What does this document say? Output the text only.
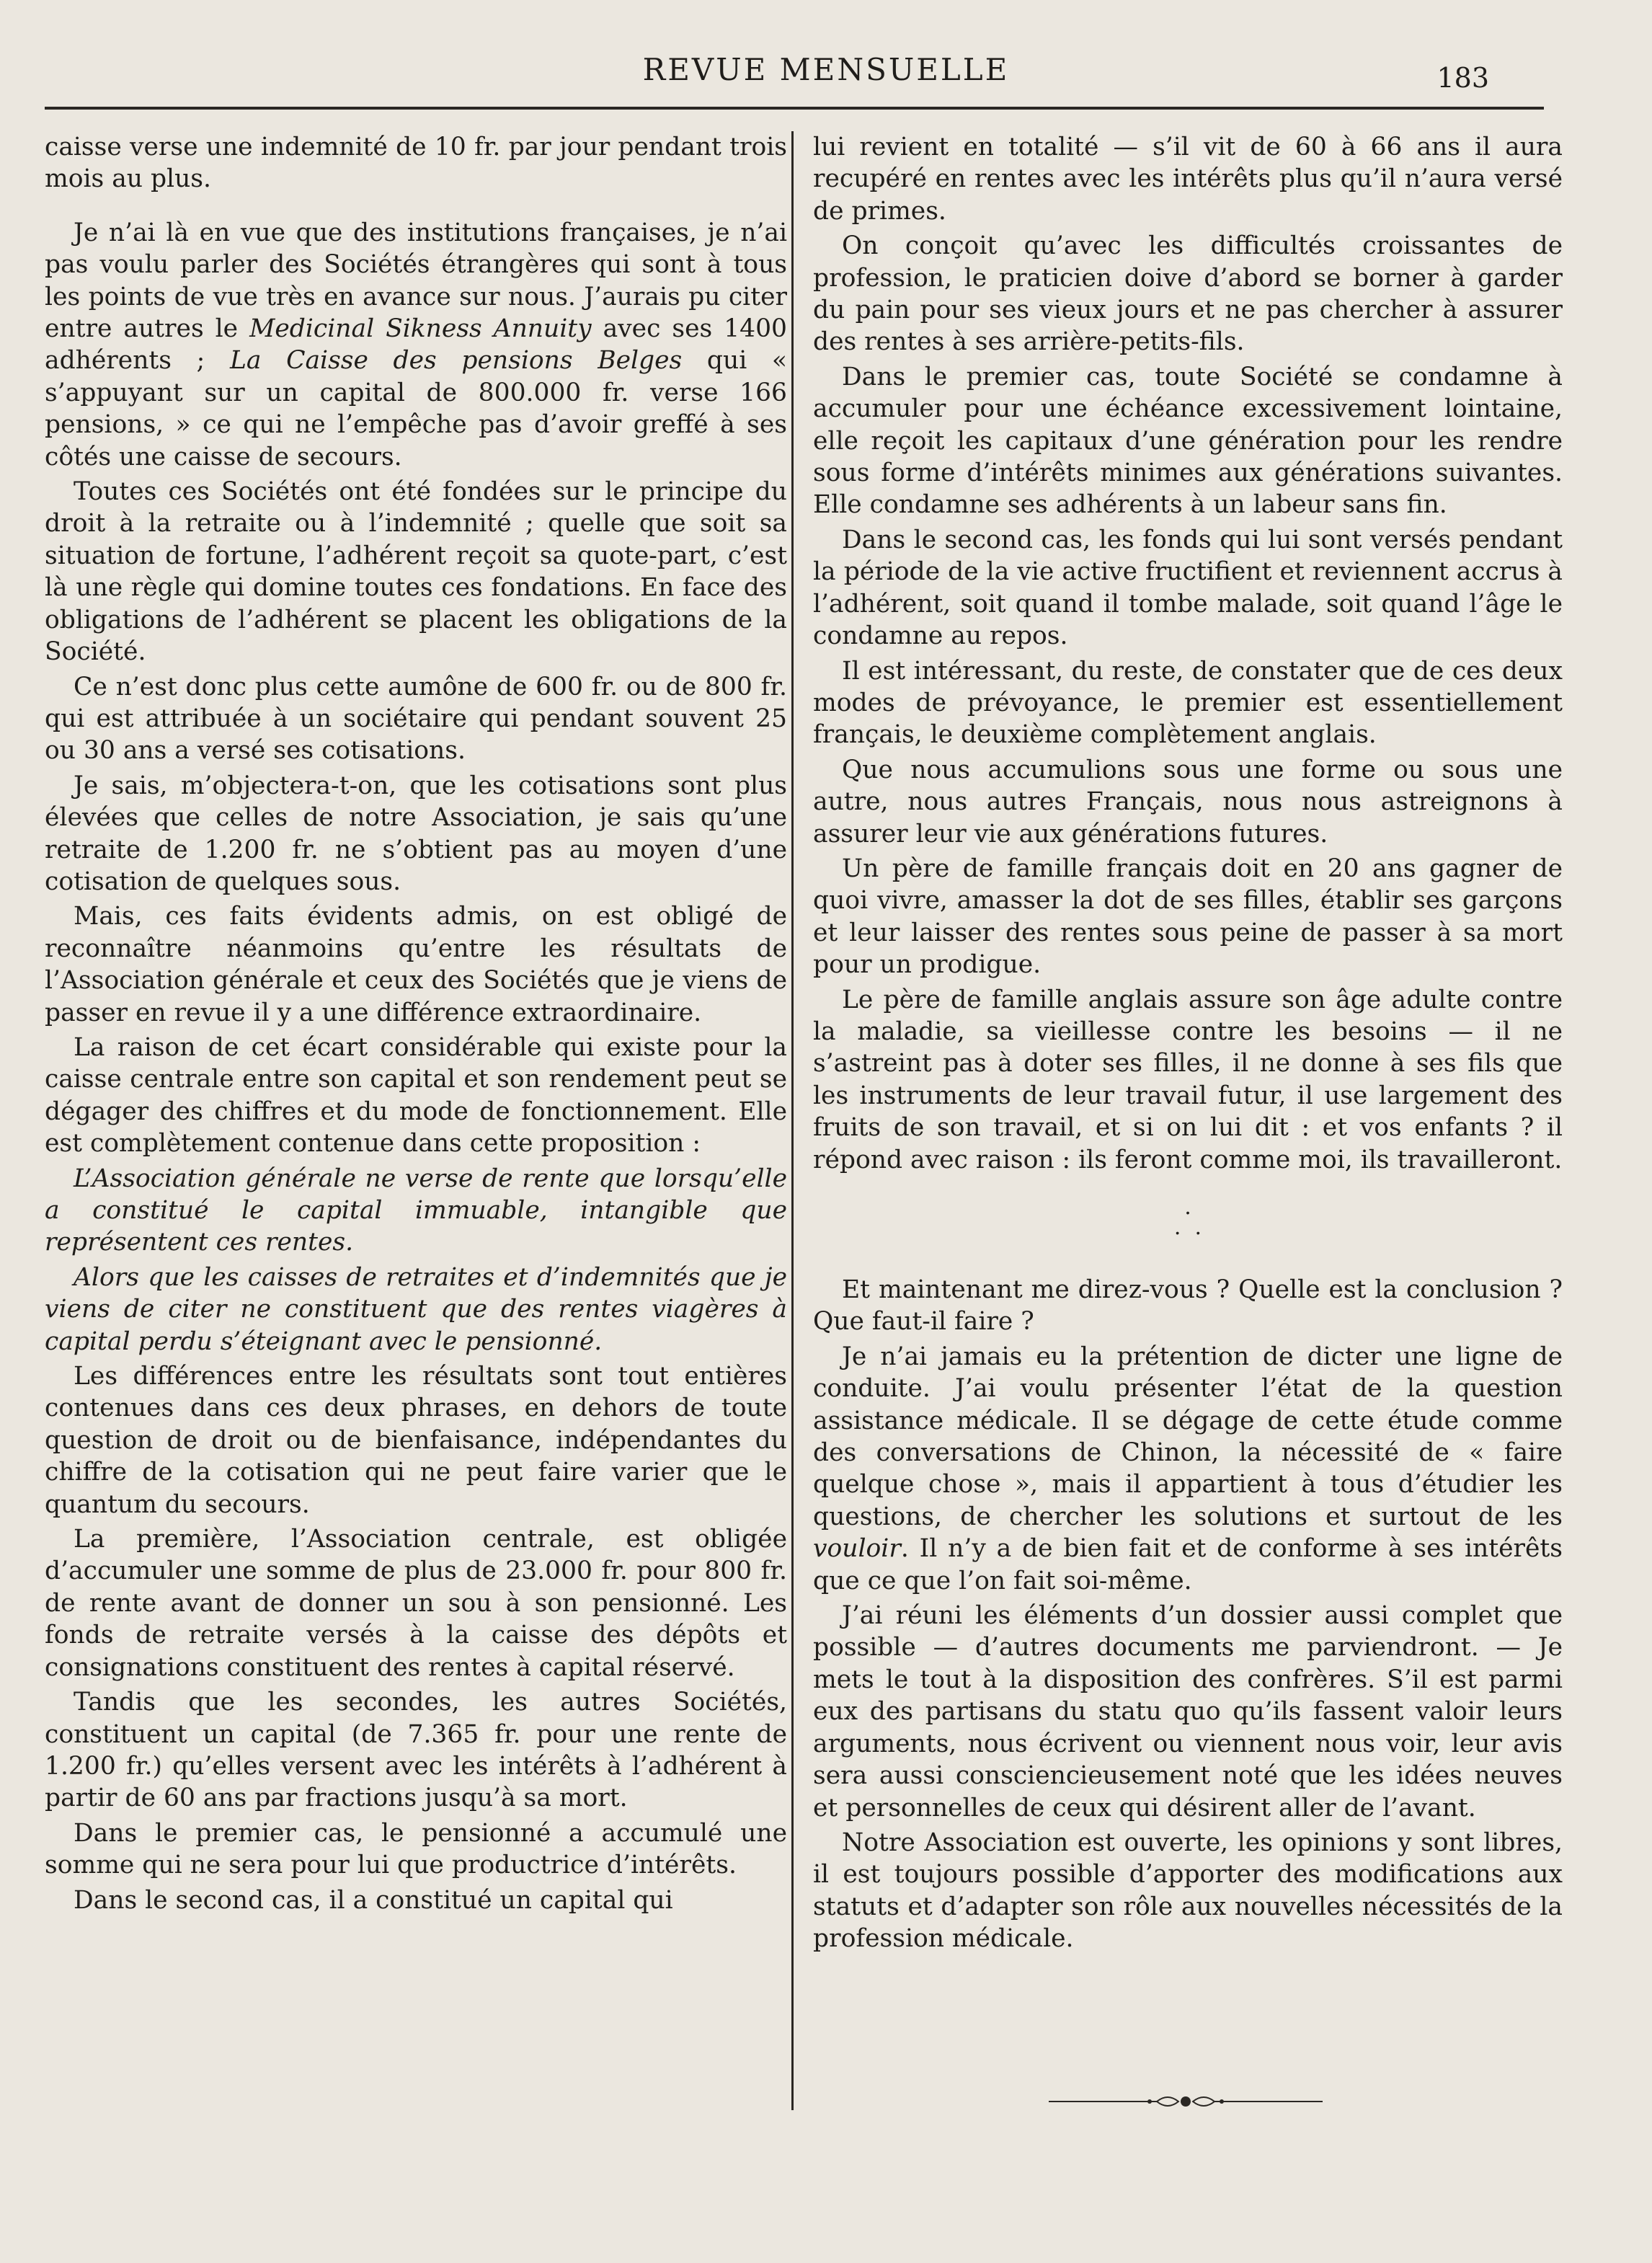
REVUE MENSUELLE	183

caisse verse une indemnité de 10 fr. par jour pendant trois mois au plus.

Je n’ai là en vue que des institutions françaises, je n’ai pas voulu parler des Sociétés étrangères qui sont à tous les points de vue très en avance sur nous. J’aurais pu citer entre autres le Medicinal Sikness Annuity avec ses 1400 adhérents ; La Caisse des pensions Belges qui « s’appuyant sur un capital de 800.000 fr. verse 166 pensions, » ce qui ne l’empêche pas d’avoir greffé à ses côtés une caisse de secours.

Toutes ces Sociétés ont été fondées sur le principe du droit à la retraite ou à l’indemnité ; quelle que soit sa situation de fortune, l’adhérent reçoit sa quote-part, c’est là une règle qui domine toutes ces fondations. En face des obligations de l’adhérent se placent les obligations de la Société.

Ce n’est donc plus cette aumône de 600 fr. ou de 800 fr. qui est attribuée à un sociétaire qui pendant souvent 25 ou 30 ans a versé ses cotisations.

Je sais, m’objectera-t-on, que les cotisations sont plus élevées que celles de notre Association, je sais qu’une retraite de 1.200 fr. ne s’obtient pas au moyen d’une cotisation de quelques sous.

Mais, ces faits évidents admis, on est obligé de reconnaître néanmoins qu’entre les résultats de l’Association générale et ceux des Sociétés que je viens de passer en revue il y a une différence extraordinaire.

La raison de cet écart considérable qui existe pour la caisse centrale entre son capital et son rendement peut se dégager des chiffres et du mode de fonctionnement. Elle est complètement contenue dans cette proposition :

L’Association générale ne verse de rente que lorsqu’elle a constitué le capital immuable, intangible que représentent ces rentes.

Alors que les caisses de retraites et d’indemnités que je viens de citer ne constituent que des rentes viagères à capital perdu s’éteignant avec le pensionné.

Les différences entre les résultats sont tout entières contenues dans ces deux phrases, en dehors de toute question de droit ou de bienfaisance, indépendantes du chiffre de la cotisation qui ne peut faire varier que le quantum du secours.

La première, l’Association centrale, est obligée d’accumuler une somme de plus de 23.000 fr. pour 800 fr. de rente avant de donner un sou à son pensionné. Les fonds de retraite versés à la caisse des dépôts et consignations constituent des rentes à capital réservé.

Tandis que les secondes, les autres Sociétés, constituent un capital (de 7.365 fr. pour une rente de 1.200 fr.) qu’elles versent avec les intérêts à l’adhérent à partir de 60 ans par fractions jusqu’à sa mort.

Dans le premier cas, le pensionné a accumulé une somme qui ne sera pour lui que productrice d’intérêts.

Dans le second cas, il a constitué un capital qui

lui revient en totalité — s’il vit de 60 à 66 ans il aura recupéré en rentes avec les intérêts plus qu’il n’aura versé de primes.

On conçoit qu’avec les difficultés croissantes de profession, le praticien doive d’abord se borner à garder du pain pour ses vieux jours et ne pas chercher à assurer des rentes à ses arrière-petits-fils.

Dans le premier cas, toute Société se condamne à accumuler pour une échéance excessivement lointaine, elle reçoit les capitaux d’une génération pour les rendre sous forme d’intérêts minimes aux générations suivantes. Elle condamne ses adhérents à un labeur sans fin.

Dans le second cas, les fonds qui lui sont versés pendant la période de la vie active fructifient et reviennent accrus à l’adhérent, soit quand il tombe malade, soit quand l’âge le condamne au repos.

Il est intéressant, du reste, de constater que de ces deux modes de prévoyance, le premier est essentiellement français, le deuxième complètement anglais.

Que nous accumulions sous une forme ou sous une autre, nous autres Français, nous nous astreignons à assurer leur vie aux générations futures.

Un père de famille français doit en 20 ans gagner de quoi vivre, amasser la dot de ses filles, établir ses garçons et leur laisser des rentes sous peine de passer à sa mort pour un prodigue.

Le père de famille anglais assure son âge adulte contre la maladie, sa vieillesse contre les besoins — il ne s’astreint pas à doter ses filles, il ne donne à ses fils que les instruments de leur travail futur, il use largement des fruits de son travail, et si on lui dit : et vos enfants ? il répond avec raison : ils feront comme moi, ils travailleront.

.
.  .

Et maintenant me direz-vous ? Quelle est la conclusion ? Que faut-il faire ?

Je n’ai jamais eu la prétention de dicter une ligne de conduite. J’ai voulu présenter l’état de la question assistance médicale. Il se dégage de cette étude comme des conversations de Chinon, la nécessité de « faire quelque chose », mais il appartient à tous d’étudier les questions, de chercher les solutions et surtout de les vouloir. Il n’y a de bien fait et de conforme à ses intérêts que ce que l’on fait soi-même.

J’ai réuni les éléments d’un dossier aussi complet que possible — d’autres documents me parviendront. — Je mets le tout à la disposition des confrères. S’il est parmi eux des partisans du statu quo qu’ils fassent valoir leurs arguments, nous écrivent ou viennent nous voir, leur avis sera aussi consciencieusement noté que les idées neuves et personnelles de ceux qui désirent aller de l’avant.

Notre Association est ouverte, les opinions y sont libres, il est toujours possible d’apporter des modifications aux statuts et d’adapter son rôle aux nouvelles nécessités de la profession médicale.
